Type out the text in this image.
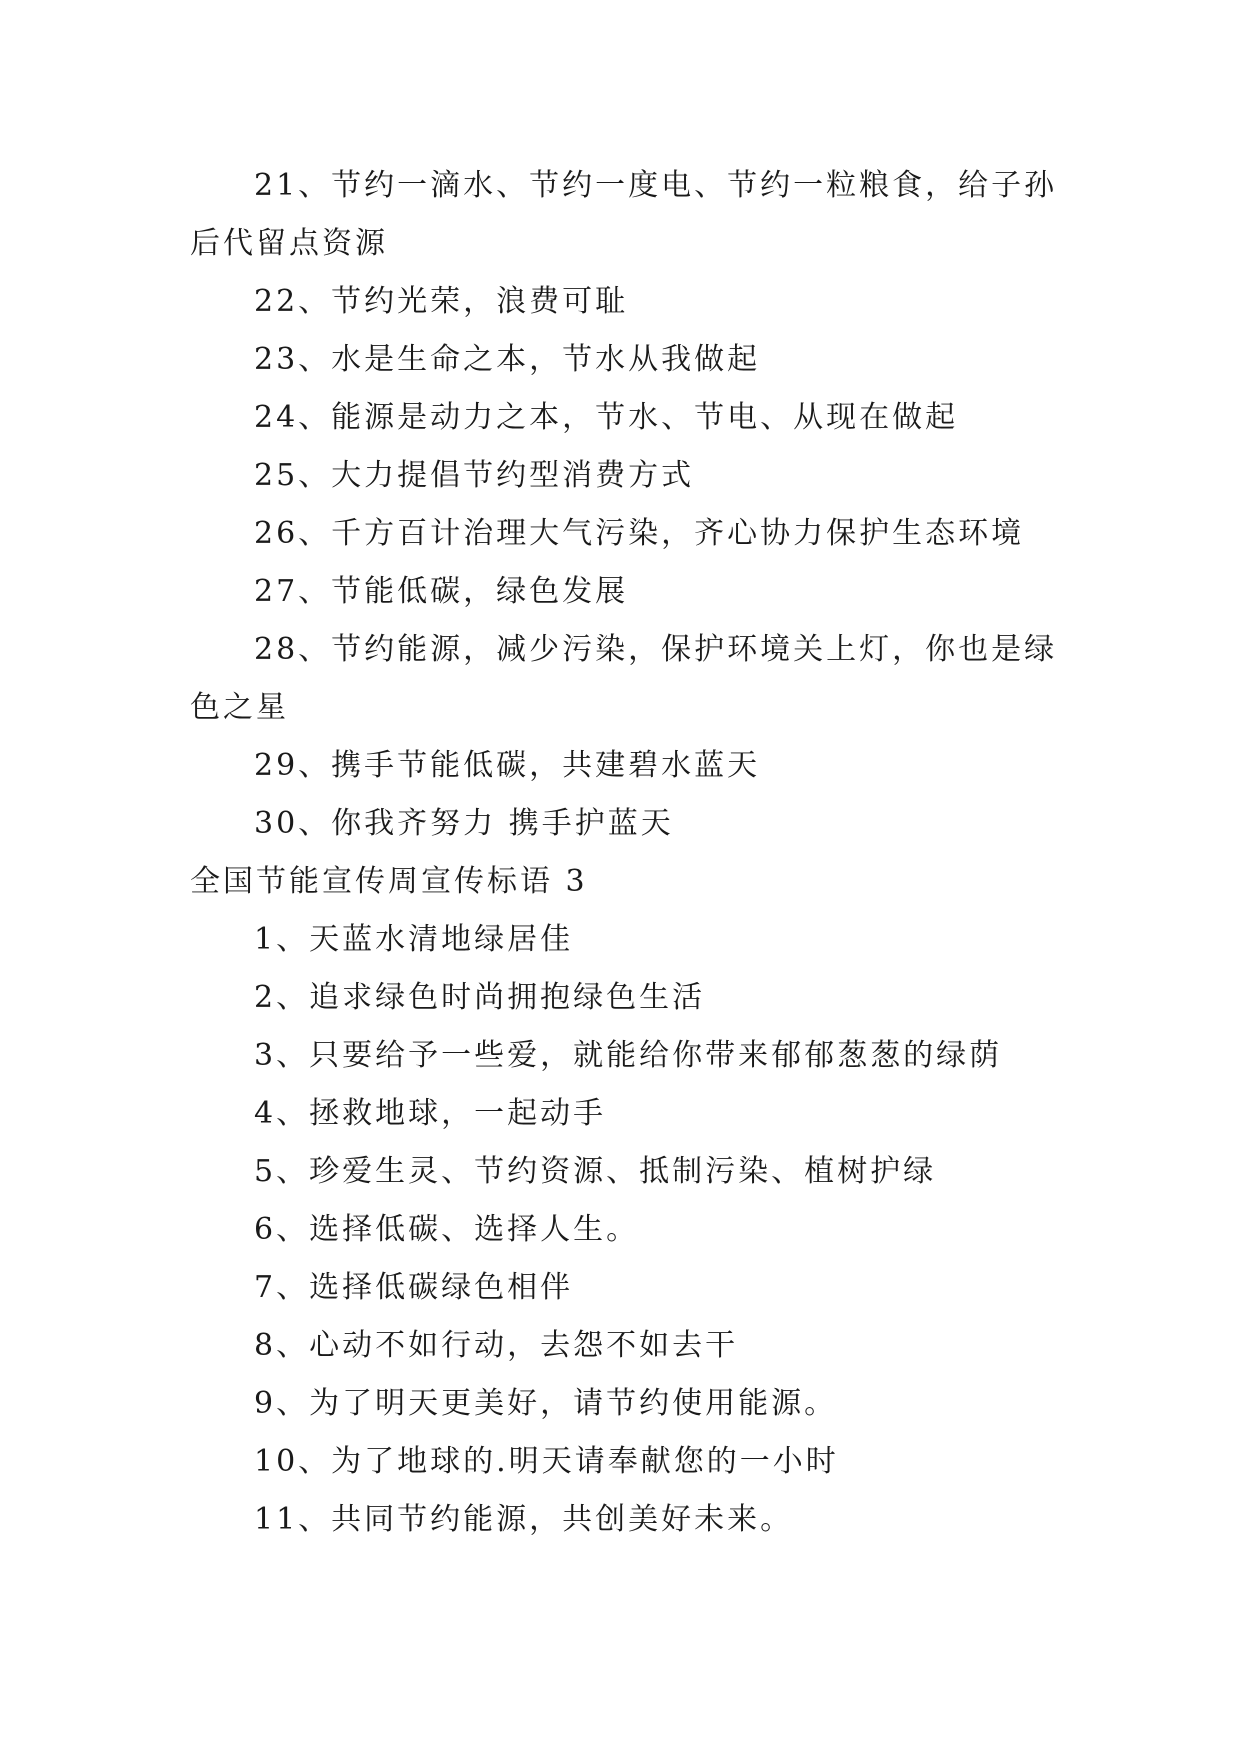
21、节约一滴水、节约一度电、节约一粒粮食，给子孙后代留点资源

22、节约光荣，浪费可耻

23、水是生命之本，节水从我做起

24、能源是动力之本，节水、节电、从现在做起

25、大力提倡节约型消费方式

26、千方百计治理大气污染，齐心协力保护生态环境

27、节能低碳，绿色发展

28、节约能源，减少污染，保护环境关上灯，你也是绿色之星

29、携手节能低碳，共建碧水蓝天

30、你我齐努力 携手护蓝天

全国节能宣传周宣传标语 3

1、天蓝水清地绿居佳

2、追求绿色时尚拥抱绿色生活

3、只要给予一些爱，就能给你带来郁郁葱葱的绿荫

4、拯救地球，一起动手

5、珍爱生灵、节约资源、抵制污染、植树护绿

6、选择低碳、选择人生。

7、选择低碳绿色相伴

8、心动不如行动，去怨不如去干

9、为了明天更美好，请节约使用能源。

10、为了地球的.明天请奉献您的一小时

11、共同节约能源，共创美好未来。
